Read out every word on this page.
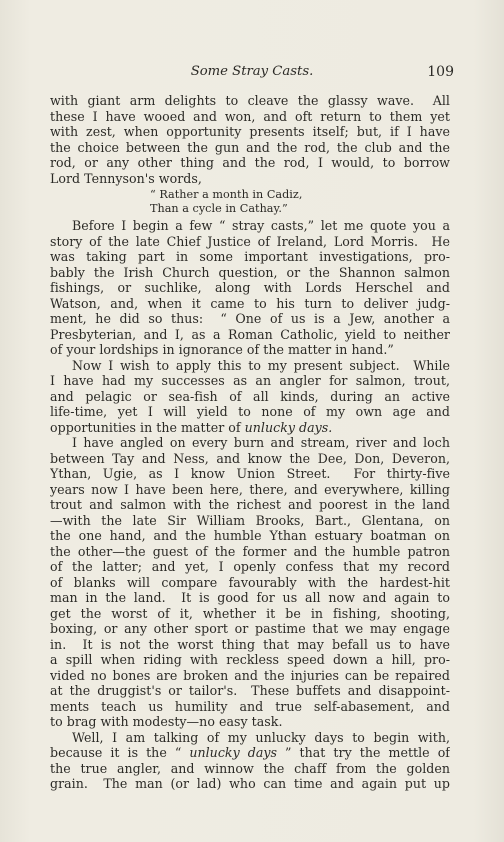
Some Stray Casts.	109
with giant arm delights to cleave the glassy wave.  All
these I have wooed and won, and oft return to them yet
with zest, when opportunity presents itself; but, if I have
the choice between the gun and the rod, the club and the
rod, or any other thing and the rod, I would, to borrow
Lord Tennyson's words,
“ Rather a month in Cadiz,
Than a cycle in Cathay.”
Before I begin a few “ stray casts,” let me quote you a
story of the late Chief Justice of Ireland, Lord Morris.  He
was taking part in some important investigations, pro-
bably the Irish Church question, or the Shannon salmon
fishings, or suchlike, along with Lords Herschel and
Watson, and, when it came to his turn to deliver judg-
ment, he did so thus:  “ One of us is a Jew, another a
Presbyterian, and I, as a Roman Catholic, yield to neither
of your lordships in ignorance of the matter in hand.”
Now I wish to apply this to my present subject.  While
I have had my successes as an angler for salmon, trout,
and pelagic or sea-fish of all kinds, during an active
life-time, yet I will yield to none of my own age and
opportunities in the matter of unlucky days.
I have angled on every burn and stream, river and loch
between Tay and Ness, and know the Dee, Don, Deveron,
Ythan, Ugie, as I know Union Street.  For thirty-five
years now I have been here, there, and everywhere, killing
trout and salmon with the richest and poorest in the land
—with the late Sir William Brooks, Bart., Glentana, on
the one hand, and the humble Ythan estuary boatman on
the other—the guest of the former and the humble patron
of the latter; and yet, I openly confess that my record
of blanks will compare favourably with the hardest-hit
man in the land.  It is good for us all now and again to
get the worst of it, whether it be in fishing, shooting,
boxing, or any other sport or pastime that we may engage
in.  It is not the worst thing that may befall us to have
a spill when riding with reckless speed down a hill, pro-
vided no bones are broken and the injuries can be repaired
at the druggist's or tailor's.  These buffets and disappoint-
ments teach us humility and true self-abasement, and
to brag with modesty—no easy task.
Well, I am talking of my unlucky days to begin with,
because it is the “ unlucky days ” that try the mettle of
the true angler, and winnow the chaff from the golden
grain.  The man (or lad) who can time and again put up
